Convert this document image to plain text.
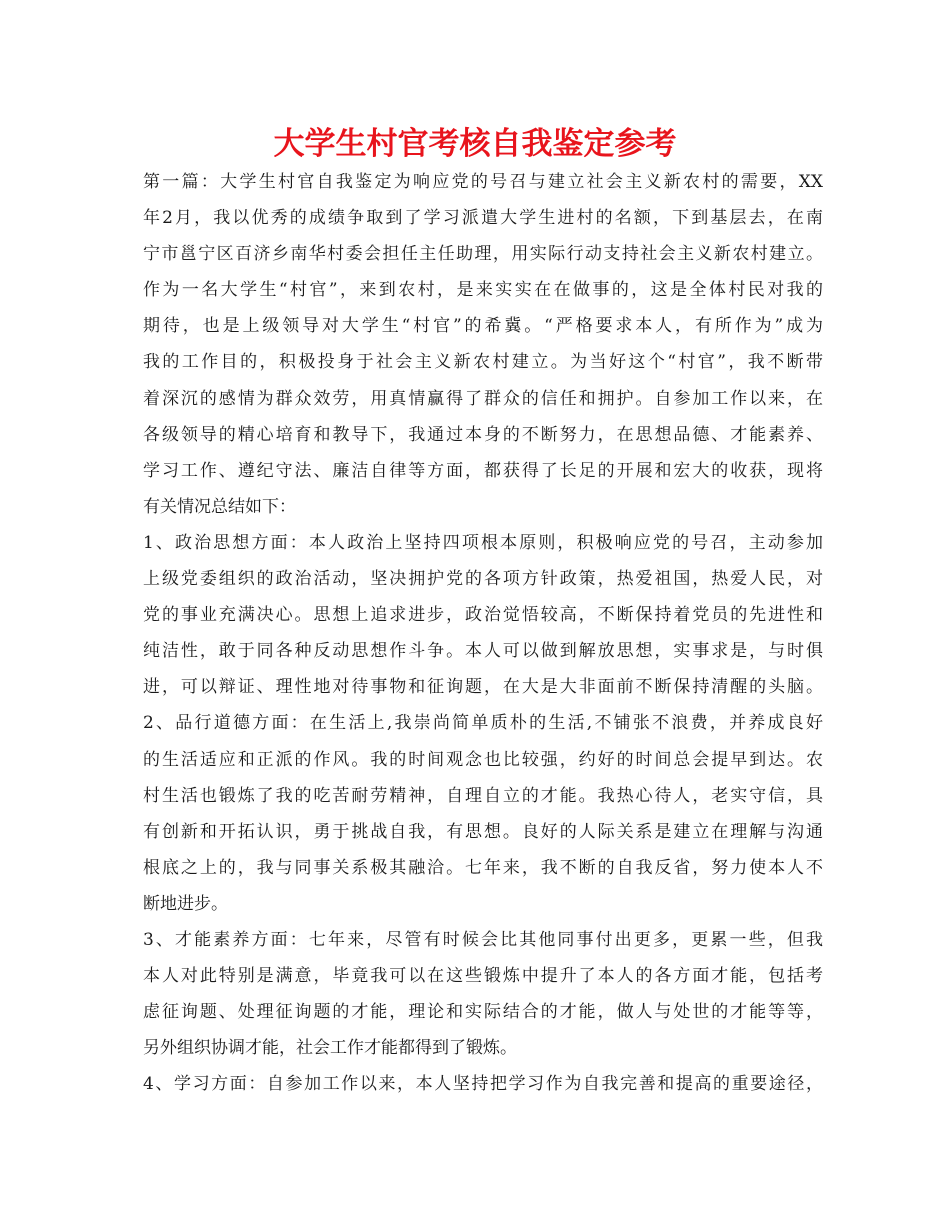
大学生村官考核自我鉴定参考
第一篇：大学生村官自我鉴定为响应党的号召与建立社会主义新农村的需要，XX
年2月，我以优秀的成绩争取到了学习派遣大学生进村的名额，下到基层去，在南
宁市邕宁区百济乡南华村委会担任主任助理，用实际行动支持社会主义新农村建立。
作为一名大学生“村官”，来到农村，是来实实在在做事的，这是全体村民对我的
期待，也是上级领导对大学生“村官”的希冀。“严格要求本人，有所作为”成为
我的工作目的，积极投身于社会主义新农村建立。为当好这个“村官”，我不断带
着深沉的感情为群众效劳，用真情赢得了群众的信任和拥护。自参加工作以来，在
各级领导的精心培育和教导下，我通过本身的不断努力，在思想品德、才能素养、
学习工作、遵纪守法、廉洁自律等方面，都获得了长足的开展和宏大的收获，现将
有关情况总结如下：
1、政治思想方面：本人政治上坚持四项根本原则，积极响应党的号召，主动参加
上级党委组织的政治活动，坚决拥护党的各项方针政策，热爱祖国，热爱人民，对
党的事业充满决心。思想上追求进步，政治觉悟较高，不断保持着党员的先进性和
纯洁性，敢于同各种反动思想作斗争。本人可以做到解放思想，实事求是，与时俱
进，可以辩证、理性地对待事物和征询题，在大是大非面前不断保持清醒的头脑。
2、品行道德方面：在生活上,我崇尚简单质朴的生活,不铺张不浪费，并养成良好
的生活适应和正派的作风。我的时间观念也比较强，约好的时间总会提早到达。农
村生活也锻炼了我的吃苦耐劳精神，自理自立的才能。我热心待人，老实守信，具
有创新和开拓认识，勇于挑战自我，有思想。良好的人际关系是建立在理解与沟通
根底之上的，我与同事关系极其融洽。七年来，我不断的自我反省，努力使本人不
断地进步。
3、才能素养方面：七年来，尽管有时候会比其他同事付出更多，更累一些，但我
本人对此特别是满意，毕竟我可以在这些锻炼中提升了本人的各方面才能，包括考
虑征询题、处理征询题的才能，理论和实际结合的才能，做人与处世的才能等等，
另外组织协调才能，社会工作才能都得到了锻炼。
4、学习方面：自参加工作以来，本人坚持把学习作为自我完善和提高的重要途径，
